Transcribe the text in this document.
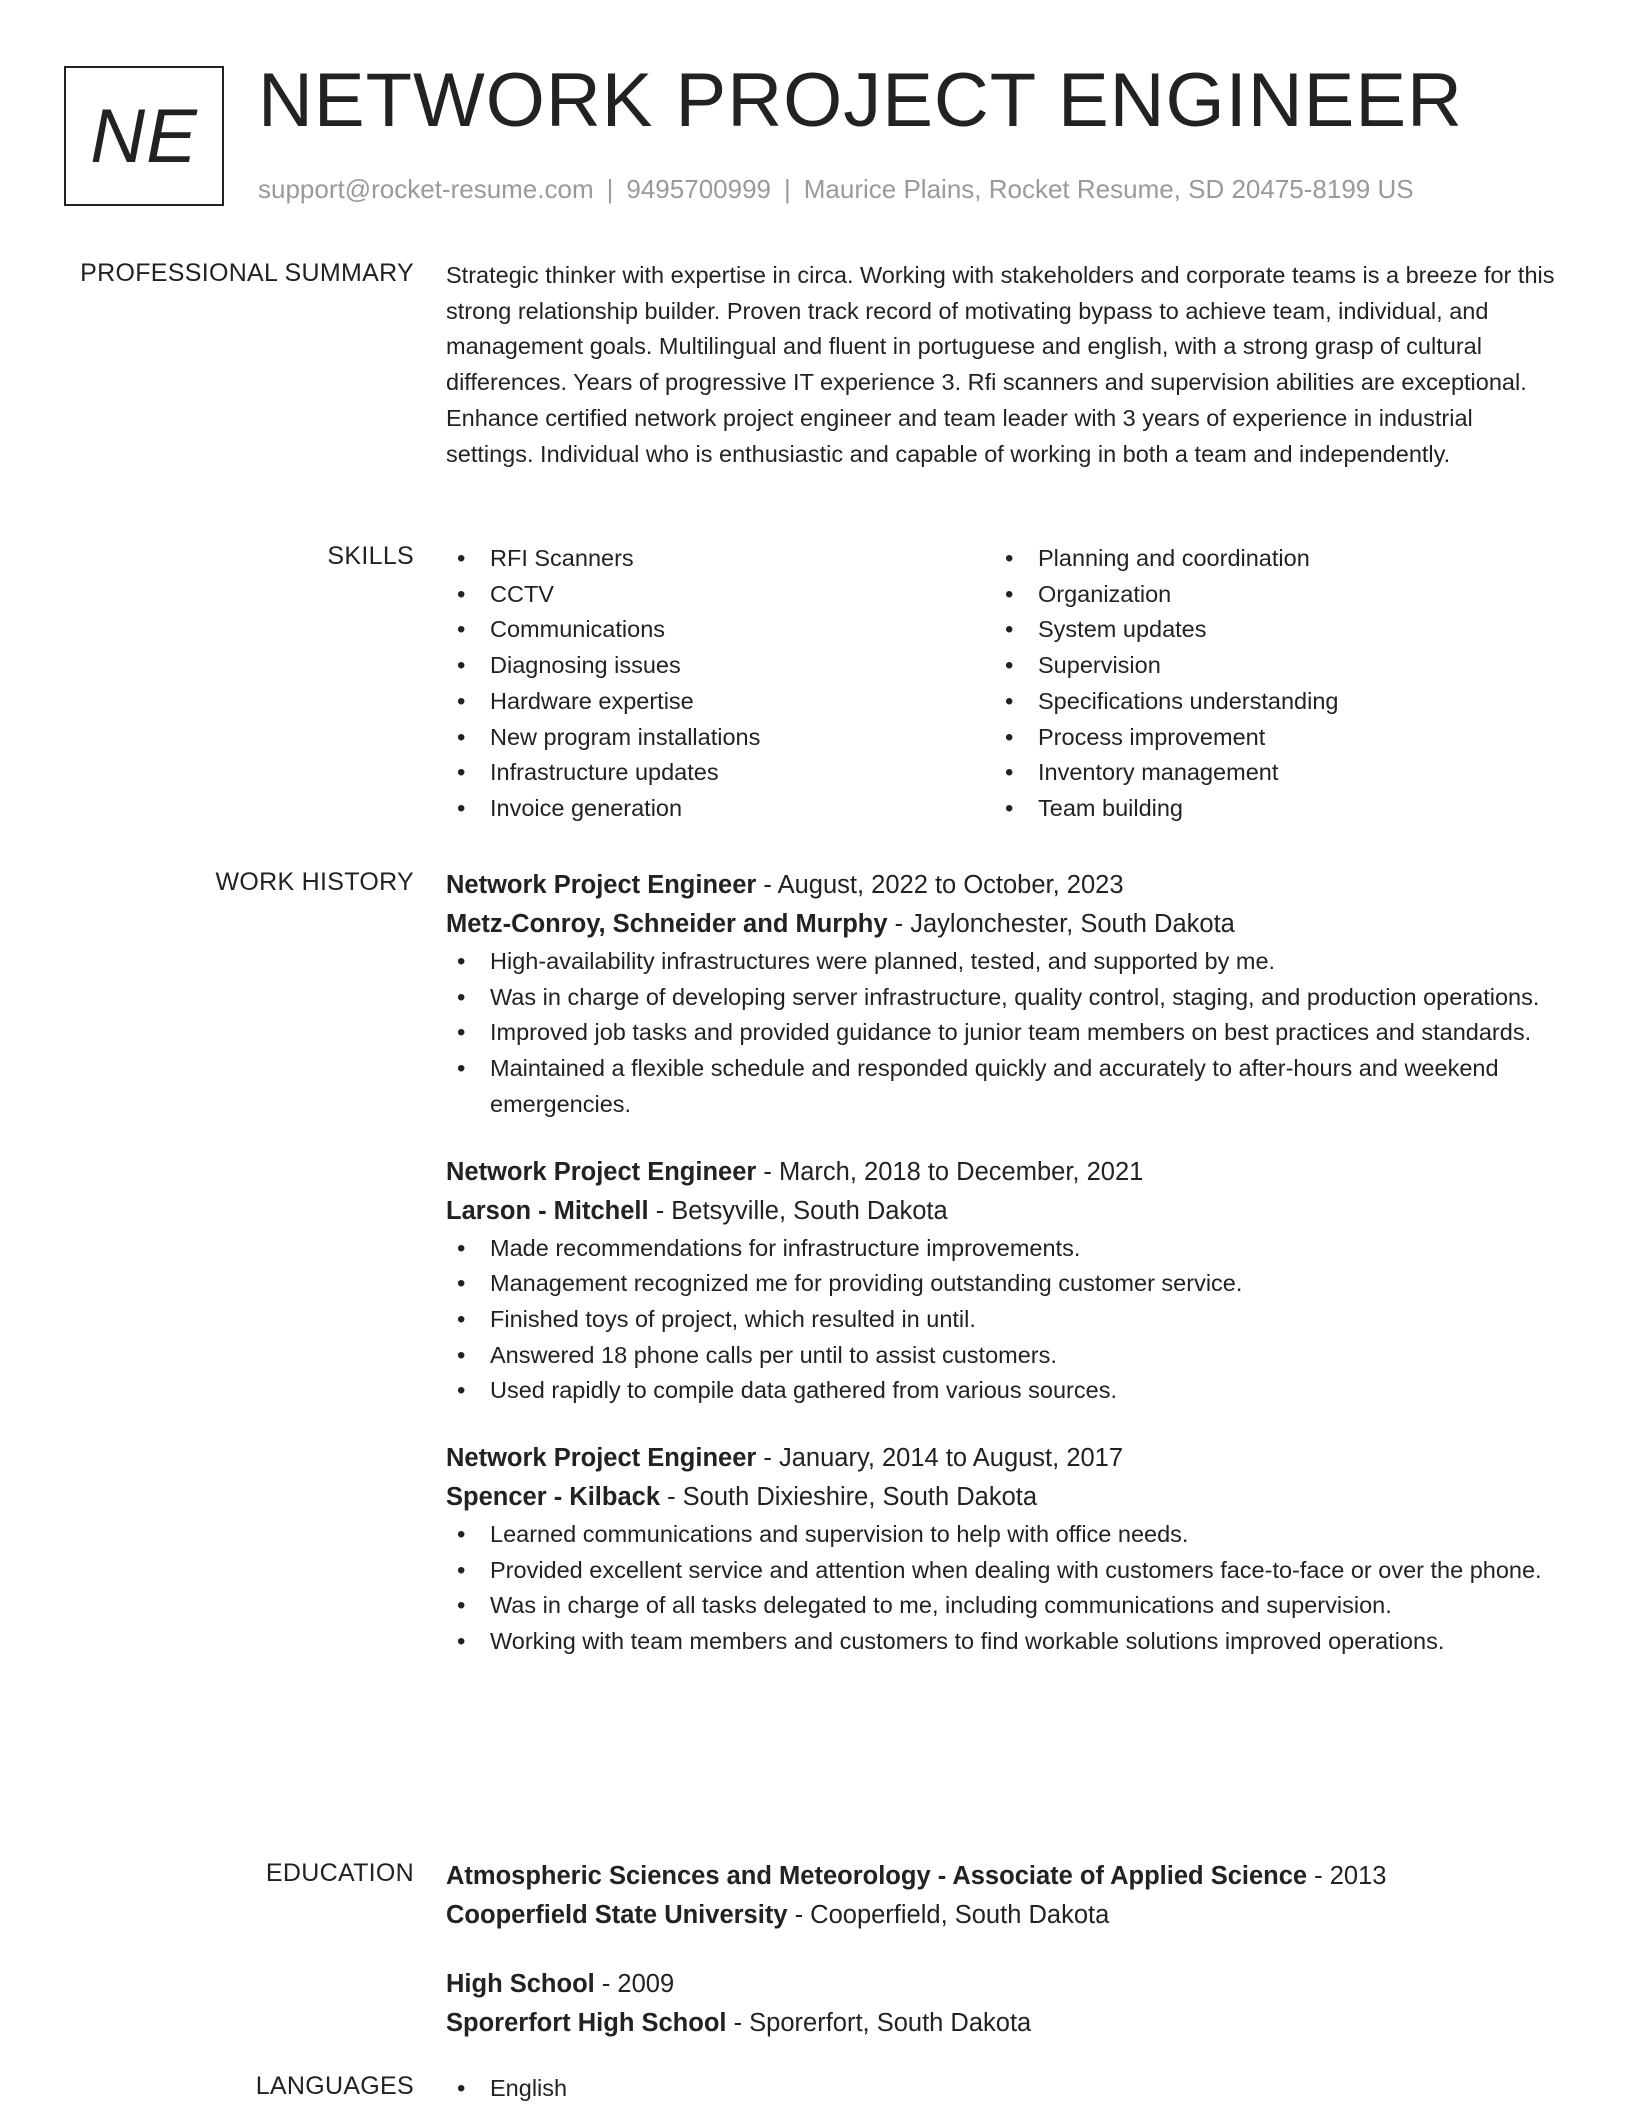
NE NETWORK PROJECT ENGINEER
support@rocket-resume.com | 9495700999 | Maurice Plains, Rocket Resume, SD 20475-8199 US
PROFESSIONAL SUMMARY Strategic thinker with expertise in circa. Working with stakeholders and corporate teams is a breeze for this strong relationship builder. Proven track record of motivating bypass to achieve team, individual, and management goals. Multilingual and fluent in portuguese and english, with a strong grasp of cultural differences. Years of progressive IT experience 3. Rfi scanners and supervision abilities are exceptional. Enhance certified network project engineer and team leader with 3 years of experience in industrial settings. Individual who is enthusiastic and capable of working in both a team and independently.

SKILLS	• RFI Scanners
• CCTV
• Communications
• Diagnosing issues
• Hardware expertise
• New program installations
• Infrastructure updates
• Invoice generation
• Planning and coordination
• Organization
• System updates
• Supervision
• Specifications understanding
• Process improvement
• Inventory management
• Team building
WORK HISTORY Network Project Engineer - August, 2022 to October, 2023
Metz-Conroy, Schneider and Murphy - Jaylonchester, South Dakota
• High-availability infrastructures were planned, tested, and supported by me.
• Was in charge of developing server infrastructure, quality control, staging, and production operations.
• Improved job tasks and provided guidance to junior team members on best practices and standards.
• Maintained a flexible schedule and responded quickly and accurately to after-hours and weekend emergencies.
Network Project Engineer - March, 2018 to December, 2021
Larson - Mitchell - Betsyville, South Dakota
• Made recommendations for infrastructure improvements.
• Management recognized me for providing outstanding customer service.
• Finished toys of project, which resulted in until.
• Answered 18 phone calls per until to assist customers.
• Used rapidly to compile data gathered from various sources.
Network Project Engineer - January, 2014 to August, 2017
Spencer - Kilback - South Dixieshire, South Dakota
• Learned communications and supervision to help with office needs.
• Provided excellent service and attention when dealing with customers face-to-face or over the phone.
• Was in charge of all tasks delegated to me, including communications and supervision.
• Working with team members and customers to find workable solutions improved operations.
EDUCATION Atmospheric Sciences and Meteorology - Associate of Applied Science - 2013
Cooperfield State University - Cooperfield, South Dakota
High School - 2009
Sporerfort High School - Sporerfort, South Dakota
LANGUAGES	• English
